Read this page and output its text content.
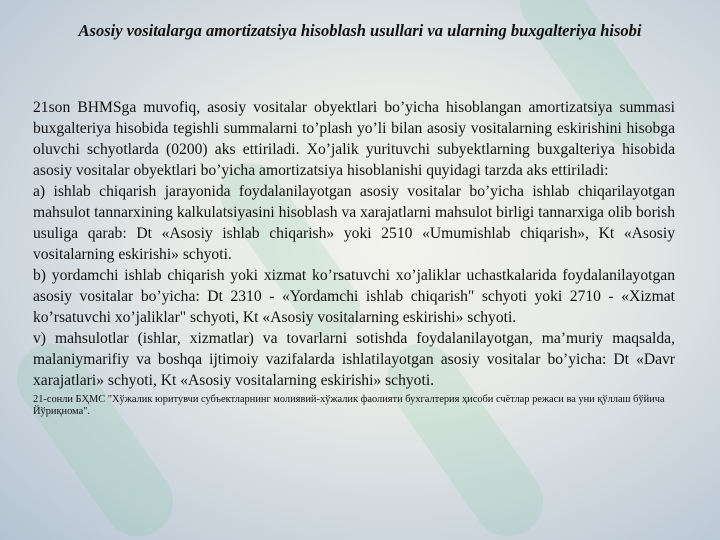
Asosiy vositalarga amortizatsiya hisoblash usullari va ularning buxgalteriya hisobi

21son BHMSga muvofiq, asosiy vositalar obyektlari bo’yicha hisoblangan amortizatsiya summasi buxgalteriya hisobida tegishli summalarni to’plash yo’li bilan asosiy vositalarning eskirishini hisobga oluvchi schyotlarda (0200) aks ettiriladi. Xo’jalik yurituvchi subyektlarning buxgalteriya hisobida asosiy vositalar obyektlari bo’yicha amortizatsiya hisoblanishi quyidagi tarzda aks ettiriladi:

a) ishlab chiqarish jarayonida foydalanilayotgan asosiy vositalar bo’yicha ishlab chiqarilayotgan mahsulot tannarxining kalkulatsiyasini hisoblash va xarajatlarni mahsulot birligi tannarxiga olib borish usuliga qarab: Dt «Asosiy ishlab chiqarish» yoki 2510 «Umumishlab chiqarish», Kt «Asosiy vositalarning eskirishi» schyoti.

b) yordamchi ishlab chiqarish yoki xizmat ko’rsatuvchi xo’jaliklar uchastkalarida foydalanilayotgan asosiy vositalar bo’yicha: Dt 2310 - «Yordamchi ishlab chiqarish" schyoti yoki 2710 - «Xizmat ko’rsatuvchi xo’jaliklar" schyoti, Kt «Asosiy vositalarning eskirishi» schyoti.

v) mahsulotlar (ishlar, xizmatlar) va tovarlarni sotishda foydalanilayotgan, ma’muriy maqsalda, malaniymarifiy va boshqa ijtimoiy vazifalarda ishlatilayotgan asosiy vositalar bo’yicha: Dt «Davr xarajatlari» schyoti, Kt «Asosiy vositalarning eskirishi» schyoti.

21-сонли БҲМС "Хўжалик юритувчи субъектларнинг молиявий-хўжалик фаолияти бухгалтерия ҳисоби счётлар режаси ва уни қўллаш бўйича Йўриқнома".
